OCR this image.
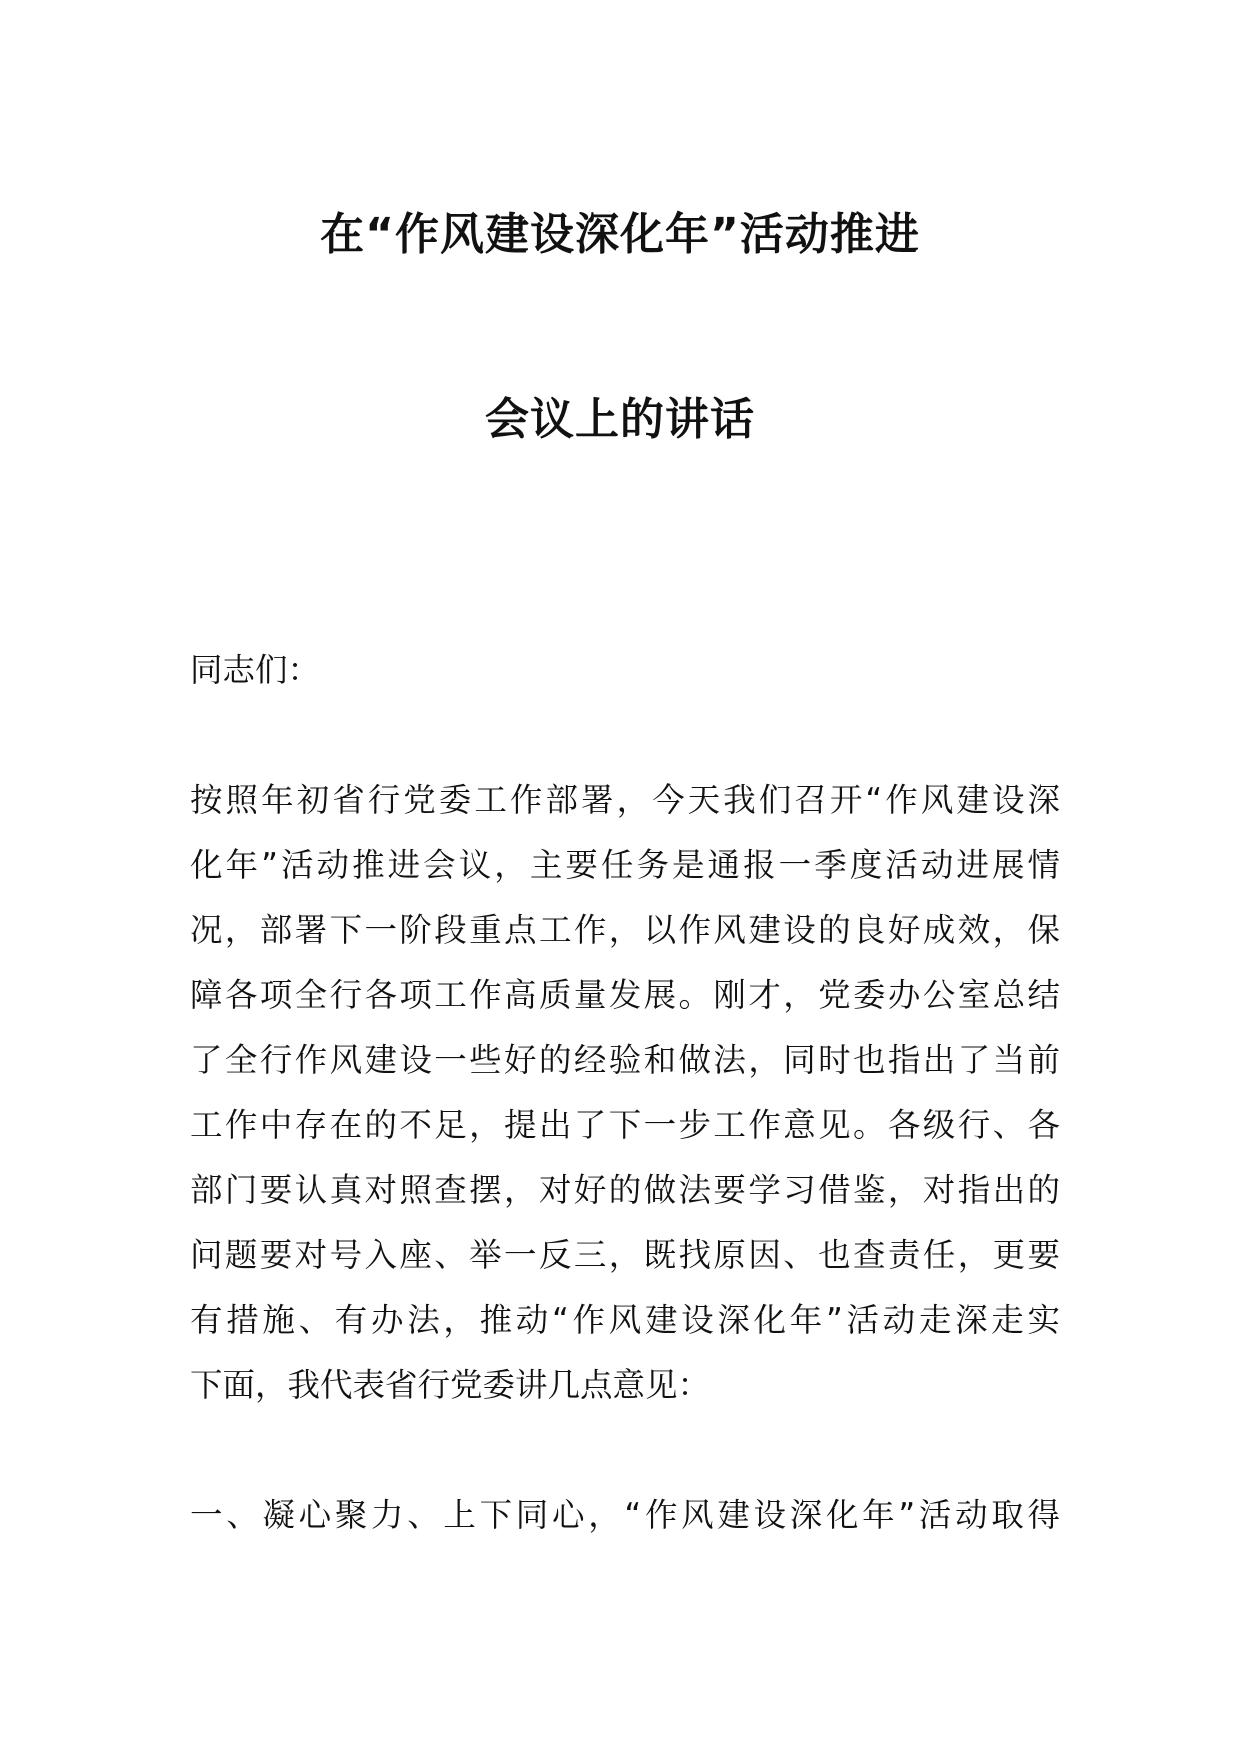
在“作风建设深化年”活动推进
会议上的讲话
同志们：
按照年初省行党委工作部署，今天我们召开“作风建设深
化年”活动推进会议，主要任务是通报一季度活动进展情
况，部署下一阶段重点工作，以作风建设的良好成效，保
障各项全行各项工作高质量发展。刚才，党委办公室总结
了全行作风建设一些好的经验和做法，同时也指出了当前
工作中存在的不足，提出了下一步工作意见。各级行、各
部门要认真对照查摆，对好的做法要学习借鉴，对指出的
问题要对号入座、举一反三，既找原因、也查责任，更要
有措施、有办法，推动“作风建设深化年”活动走深走实
下面，我代表省行党委讲几点意见：
一、凝心聚力、上下同心，“作风建设深化年”活动取得
